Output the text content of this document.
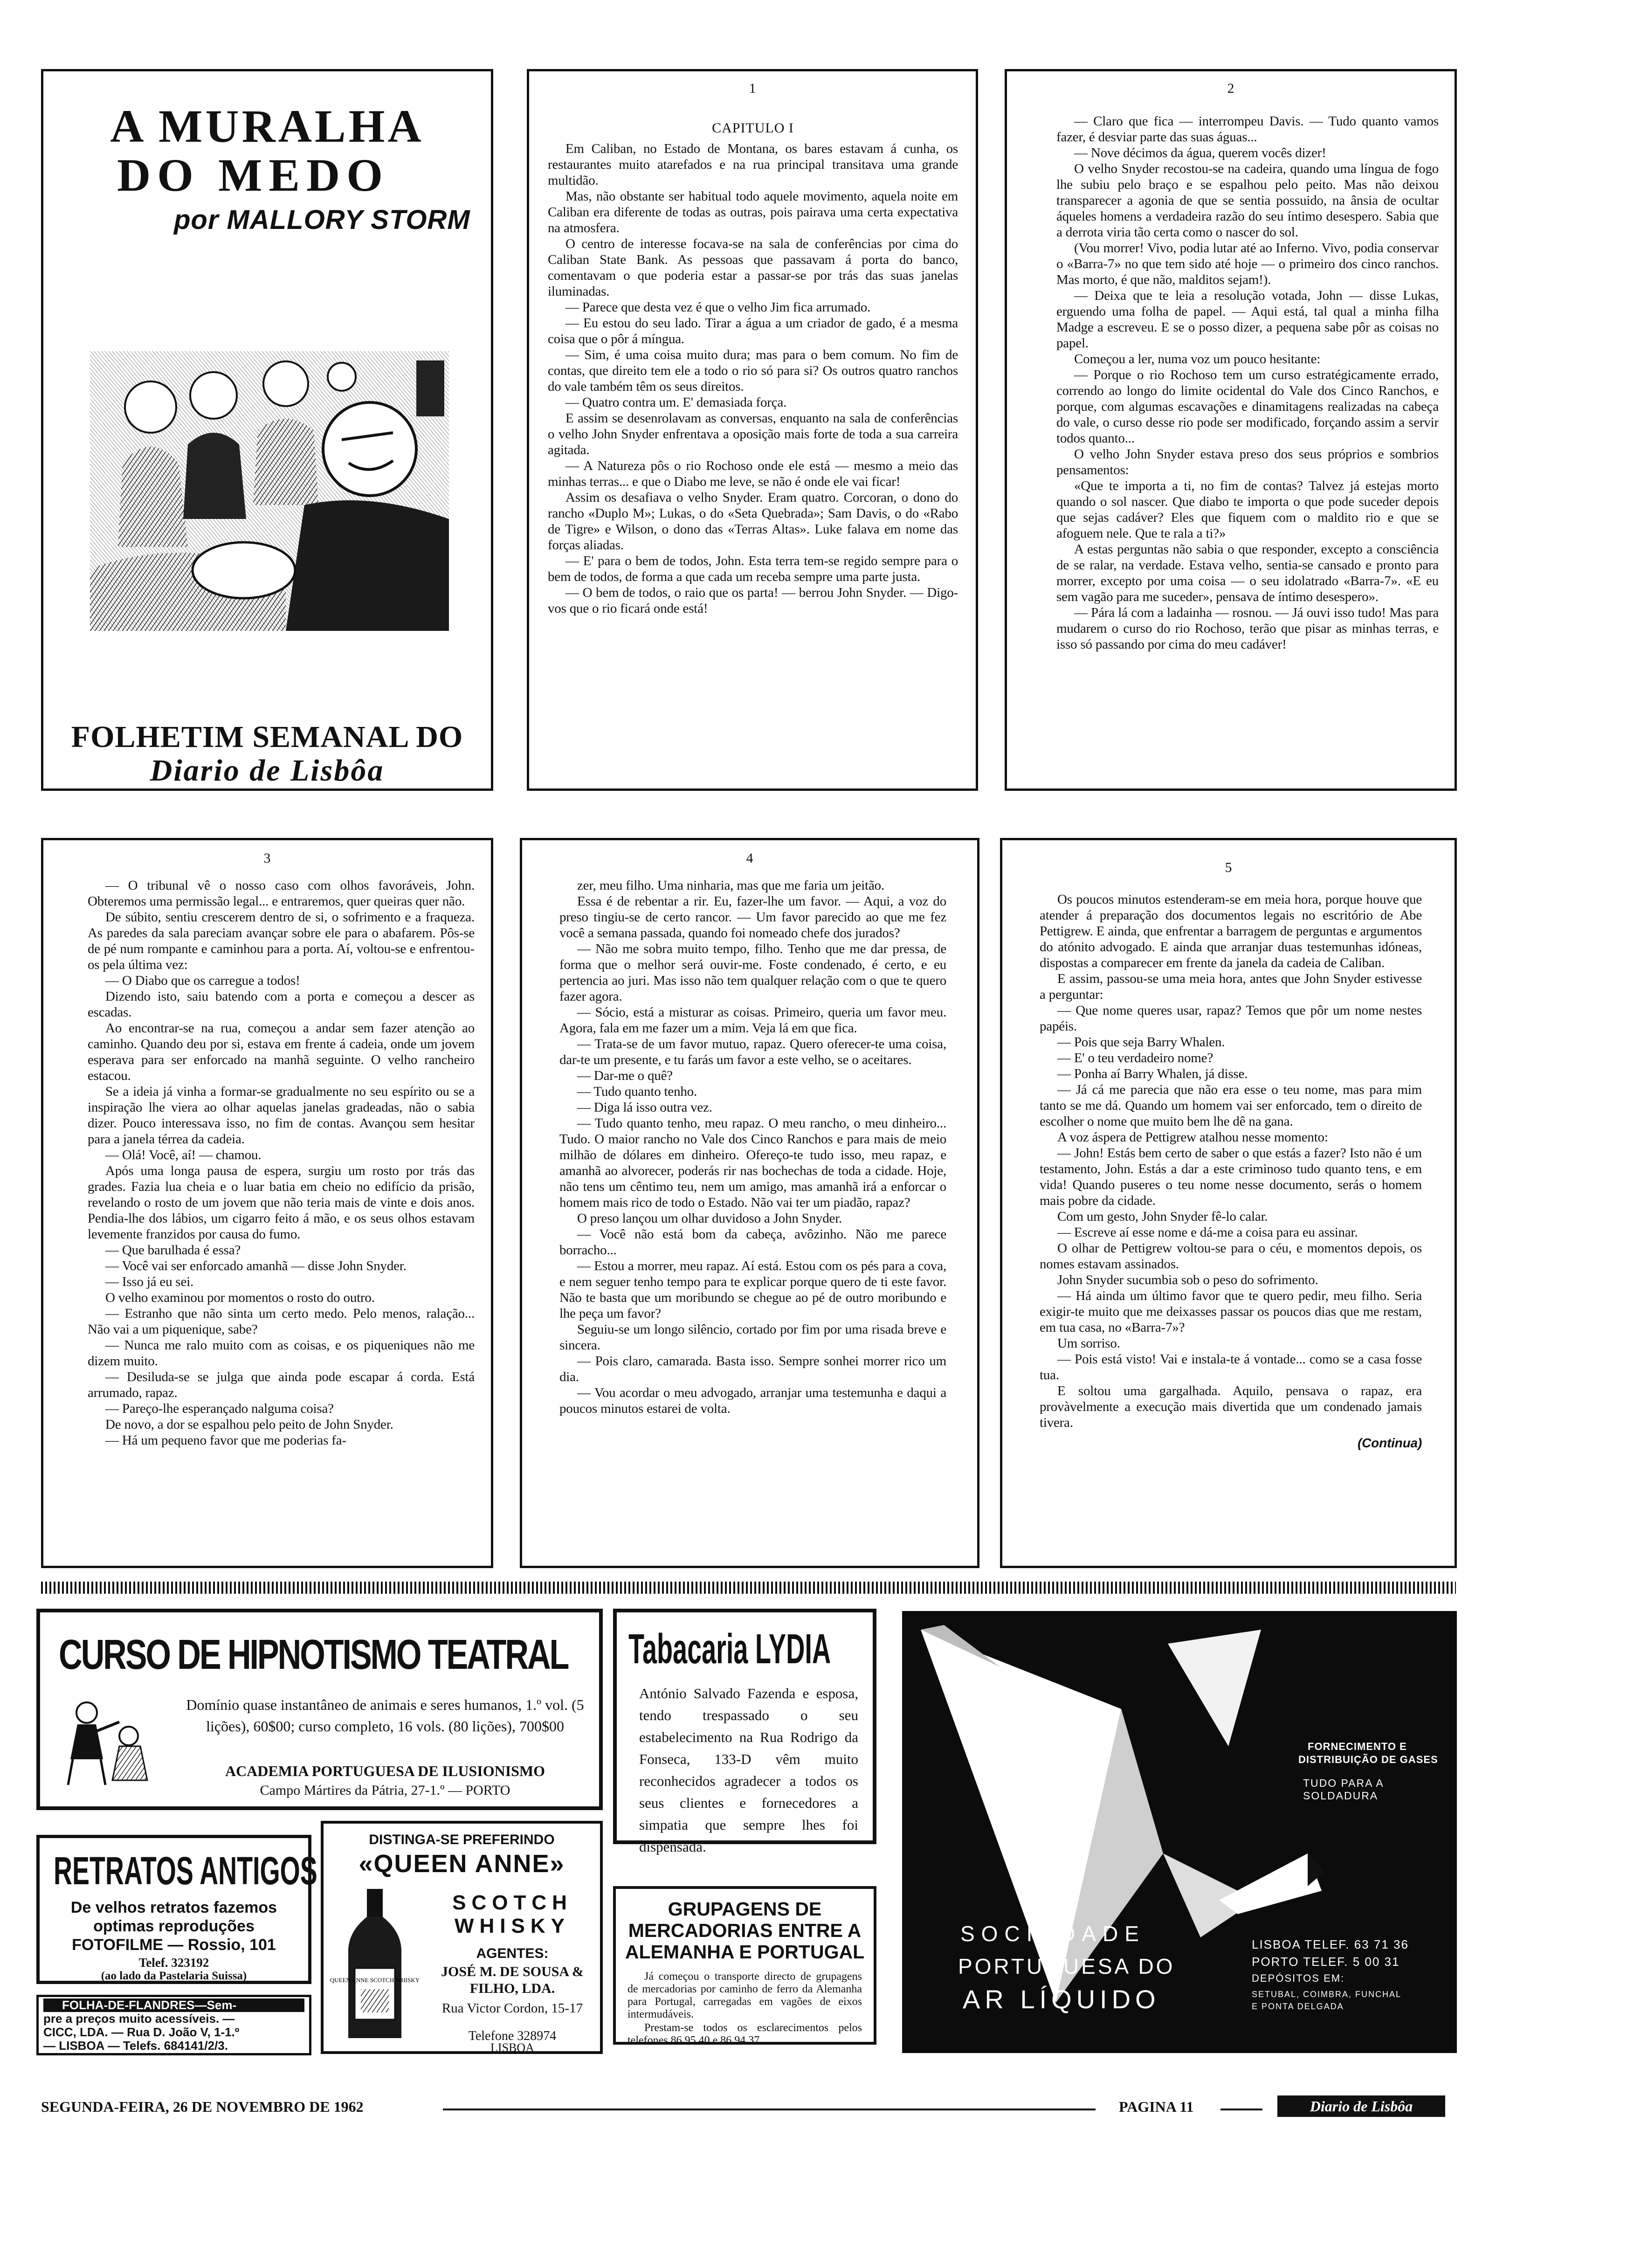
A MURALHA
DO MEDO
por MALLORY STORM
FOLHETIM SEMANAL DO
Diario de Lisbôa
1
CAPITULO I

Em Caliban, no Estado de Montana, os bares estavam á cunha, os restaurantes muito atarefados e na rua principal transitava uma grande multidão.

Mas, não obstante ser habitual todo aquele movimento, aquela noite em Caliban era diferente de todas as outras, pois pairava uma certa expectativa na atmosfera.

O centro de interesse focava-se na sala de conferências por cima do Caliban State Bank. As pessoas que passavam á porta do banco, comentavam o que poderia estar a passar-se por trás das suas janelas iluminadas.

— Parece que desta vez é que o velho Jim fica arrumado.

— Eu estou do seu lado. Tirar a água a um criador de gado, é a mesma coisa que o pôr á míngua.

— Sim, é uma coisa muito dura; mas para o bem comum. No fim de contas, que direito tem ele a todo o rio só para si? Os outros quatro ranchos do vale também têm os seus direitos.

— Quatro contra um. E' demasiada força.

E assim se desenrolavam as conversas, enquanto na sala de conferências o velho John Snyder enfrentava a oposição mais forte de toda a sua carreira agitada.

— A Natureza pôs o rio Rochoso onde ele está — mesmo a meio das minhas terras... e que o Diabo me leve, se não é onde ele vai ficar!

Assim os desafiava o velho Snyder. Eram quatro. Corcoran, o dono do rancho «Duplo M»; Lukas, o do «Seta Quebrada»; Sam Davis, o do «Rabo de Tigre» e Wilson, o dono das «Terras Altas». Luke falava em nome das forças aliadas.

— E' para o bem de todos, John. Esta terra tem-se regido sempre para o bem de todos, de forma a que cada um receba sempre uma parte justa.

— O bem de todos, o raio que os parta! — berrou John Snyder. — Digo-vos que o rio ficará onde está!

2

— Claro que fica — interrompeu Davis. — Tudo quanto vamos fazer, é desviar parte das suas águas...

— Nove décimos da água, querem vocês dizer!

O velho Snyder recostou-se na cadeira, quando uma língua de fogo lhe subiu pelo braço e se espalhou pelo peito. Mas não deixou transparecer a agonia de que se sentia possuido, na ânsia de ocultar áqueles homens a verdadeira razão do seu íntimo desespero. Sabia que a derrota viria tão certa como o nascer do sol.

(Vou morrer! Vivo, podia lutar até ao Inferno. Vivo, podia conservar o «Barra-7» no que tem sido até hoje — o primeiro dos cinco ranchos. Mas morto, é que não, malditos sejam!).

— Deixa que te leia a resolução votada, John — disse Lukas, erguendo uma folha de papel. — Aqui está, tal qual a minha filha Madge a escreveu. E se o posso dizer, a pequena sabe pôr as coisas no papel.

Começou a ler, numa voz um pouco hesitante:

— Porque o rio Rochoso tem um curso estratégicamente errado, correndo ao longo do limite ocidental do Vale dos Cinco Ranchos, e porque, com algumas escavações e dinamitagens realizadas na cabeça do vale, o curso desse rio pode ser modificado, forçando assim a servir todos quanto...

O velho John Snyder estava preso dos seus próprios e sombrios pensamentos:

«Que te importa a ti, no fim de contas? Talvez já estejas morto quando o sol nascer. Que diabo te importa o que pode suceder depois que sejas cadáver? Eles que fiquem com o maldito rio e que se afoguem nele. Que te rala a ti?»

A estas perguntas não sabia o que responder, excepto a consciência de se ralar, na verdade. Estava velho, sentia-se cansado e pronto para morrer, excepto por uma coisa — o seu idolatrado «Barra-7». «E eu sem vagão para me suceder», pensava de íntimo desespero».

— Pára lá com a ladainha — rosnou. — Já ouvi isso tudo! Mas para mudarem o curso do rio Rochoso, terão que pisar as minhas terras, e isso só passando por cima do meu cadáver!

3

— O tribunal vê o nosso caso com olhos favoráveis, John. Obteremos uma permissão legal... e entraremos, quer queiras quer não.

De súbito, sentiu crescerem dentro de si, o sofrimento e a fraqueza. As paredes da sala pareciam avançar sobre ele para o abafarem. Pôs-se de pé num rompante e caminhou para a porta. Aí, voltou-se e enfrentou-os pela última vez:

— O Diabo que os carregue a todos!

Dizendo isto, saiu batendo com a porta e começou a descer as escadas.

Ao encontrar-se na rua, começou a andar sem fazer atenção ao caminho. Quando deu por si, estava em frente á cadeia, onde um jovem esperava para ser enforcado na manhã seguinte. O velho rancheiro estacou.

Se a ideia já vinha a formar-se gradualmente no seu espírito ou se a inspiração lhe viera ao olhar aquelas janelas gradeadas, não o sabia dizer. Pouco interessava isso, no fim de contas. Avançou sem hesitar para a janela térrea da cadeia.

— Olá! Você, aí! — chamou.

Após uma longa pausa de espera, surgiu um rosto por trás das grades. Fazia lua cheia e o luar batia em cheio no edifício da prisão, revelando o rosto de um jovem que não teria mais de vinte e dois anos. Pendia-lhe dos lábios, um cigarro feito á mão, e os seus olhos estavam levemente franzidos por causa do fumo.

— Que barulhada é essa?

— Você vai ser enforcado amanhã — disse John Snyder.

— Isso já eu sei.

O velho examinou por momentos o rosto do outro.

— Estranho que não sinta um certo medo. Pelo menos, ralação... Não vai a um piquenique, sabe?

— Nunca me ralo muito com as coisas, e os piqueniques não me dizem muito.

— Desiluda-se se julga que ainda pode escapar á corda. Está arrumado, rapaz.

— Pareço-lhe esperançado nalguma coisa?

De novo, a dor se espalhou pelo peito de John Snyder.

— Há um pequeno favor que me poderias fa-

4

zer, meu filho. Uma ninharia, mas que me faria um jeitão.

Essa é de rebentar a rir. Eu, fazer-lhe um favor. — Aqui, a voz do preso tingiu-se de certo rancor. — Um favor parecido ao que me fez você a semana passada, quando foi nomeado chefe dos jurados?

— Não me sobra muito tempo, filho. Tenho que me dar pressa, de forma que o melhor será ouvir-me. Foste condenado, é certo, e eu pertencia ao juri. Mas isso não tem qualquer relação com o que te quero fazer agora.

— Sócio, está a misturar as coisas. Primeiro, queria um favor meu. Agora, fala em me fazer um a mim. Veja lá em que fica.

— Trata-se de um favor mutuo, rapaz. Quero oferecer-te uma coisa, dar-te um presente, e tu farás um favor a este velho, se o aceitares.

— Dar-me o quê?

— Tudo quanto tenho.

— Diga lá isso outra vez.

— Tudo quanto tenho, meu rapaz. O meu rancho, o meu dinheiro... Tudo. O maior rancho no Vale dos Cinco Ranchos e para mais de meio milhão de dólares em dinheiro. Ofereço-te tudo isso, meu rapaz, e amanhã ao alvorecer, poderás rir nas bochechas de toda a cidade. Hoje, não tens um cêntimo teu, nem um amigo, mas amanhã irá a enforcar o homem mais rico de todo o Estado. Não vai ter um piadão, rapaz?

O preso lançou um olhar duvidoso a John Snyder.

— Você não está bom da cabeça, avôzinho. Não me parece borracho...

— Estou a morrer, meu rapaz. Aí está. Estou com os pés para a cova, e nem seguer tenho tempo para te explicar porque quero de ti este favor. Não te basta que um moribundo se chegue ao pé de outro moribundo e lhe peça um favor?

Seguiu-se um longo silêncio, cortado por fim por uma risada breve e sincera.

— Pois claro, camarada. Basta isso. Sempre sonhei morrer rico um dia.

— Vou acordar o meu advogado, arranjar uma testemunha e daqui a poucos minutos estarei de volta.

5

Os poucos minutos estenderam-se em meia hora, porque houve que atender á preparação dos documentos legais no escritório de Abe Pettigrew. E ainda, que enfrentar a barragem de perguntas e argumentos do atónito advogado. E ainda que arranjar duas testemunhas idóneas, dispostas a comparecer em frente da janela da cadeia de Caliban.

E assim, passou-se uma meia hora, antes que John Snyder estivesse a perguntar:

— Que nome queres usar, rapaz? Temos que pôr um nome nestes papéis.

— Pois que seja Barry Whalen.

— E' o teu verdadeiro nome?

— Ponha aí Barry Whalen, já disse.

— Já cá me parecia que não era esse o teu nome, mas para mim tanto se me dá. Quando um homem vai ser enforcado, tem o direito de escolher o nome que muito bem lhe dê na gana.

A voz áspera de Pettigrew atalhou nesse momento:

— John! Estás bem certo de saber o que estás a fazer? Isto não é um testamento, John. Estás a dar a este criminoso tudo quanto tens, e em vida! Quando puseres o teu nome nesse documento, serás o homem mais pobre da cidade.

Com um gesto, John Snyder fê-lo calar.

— Escreve aí esse nome e dá-me a coisa para eu assinar.

O olhar de Pettigrew voltou-se para o céu, e momentos depois, os nomes estavam assinados.

John Snyder sucumbia sob o peso do sofrimento.

— Há ainda um último favor que te quero pedir, meu filho. Seria exigir-te muito que me deixasses passar os poucos dias que me restam, em tua casa, no «Barra-7»?

Um sorriso.

— Pois está visto! Vai e instala-te á vontade... como se a casa fosse tua.

E soltou uma gargalhada. Aquilo, pensava o rapaz, era provàvelmente a execução mais divertida que um condenado jamais tivera.

(Continua)
CURSO DE HIPNOTISMO TEATRAL
Domínio quase instantâneo de animais e seres humanos, 1.º vol. (5 lições), 60$00; curso completo, 16 vols. (80 lições), 700$00
ACADEMIA PORTUGUESA DE ILUSIONISMO
Campo Mártires da Pátria, 27-1.º — PORTO
Tabacaria LYDIA
António Salvado Fazenda e esposa, tendo trespassado o seu estabelecimento na Rua Rodrigo da Fonseca, 133-D vêm muito reconhecidos agradecer a todos os seus clientes e fornecedores a simpatia que sempre lhes foi dispensada.
RETRATOS ANTIGOS
De velhos retratos fazemos
optimas reproduções
FOTOFILME — Rossio, 101
Telef. 323192
(ao lado da Pastelaria Suissa)
FOLHA-DE-FLANDRES—Sem-
pre a preços muito acessíveis. —
CICC, LDA. — Rua D. João V, 1-1.º
— LISBOA — Telefs. 684141/2/3.
DISTINGA-SE PREFERINDO
«QUEEN ANNE»
QUEEN ANNE SCOTCH WHISKY
SCOTCH
WHISKY
AGENTES:
JOSÉ M. DE SOUSA & FILHO, LDA.
Rua Victor Cordon, 15-17
Telefone 328974
LISBOA
GRUPAGENS DE MERCADORIAS ENTRE A ALEMANHA E PORTUGAL
Já começou o transporte directo de grupagens de mercadorias por caminho de ferro da Alemanha para Portugal, carregadas em vagões de eixos intermudáveis.
Prestam-se todos os esclarecimentos pelos telefones 86 95 40 e 86 94 37.
FORNECIMENTO E
DISTRIBUIÇÃO DE GASES
TUDO PARA A SOLDADURA
SOCIEDADE
PORTUGUESA DO
AR LÍQUIDO
LISBOA TELEF. 63 71 36
PORTO TELEF. 5 00 31
DEPÓSITOS EM:
SETUBAL, COIMBRA, FUNCHAL
E PONTA DELGADA
SEGUNDA-FEIRA, 26 DE NOVEMBRO DE 1962	PAGINA 11	Diario de Lisbôa
